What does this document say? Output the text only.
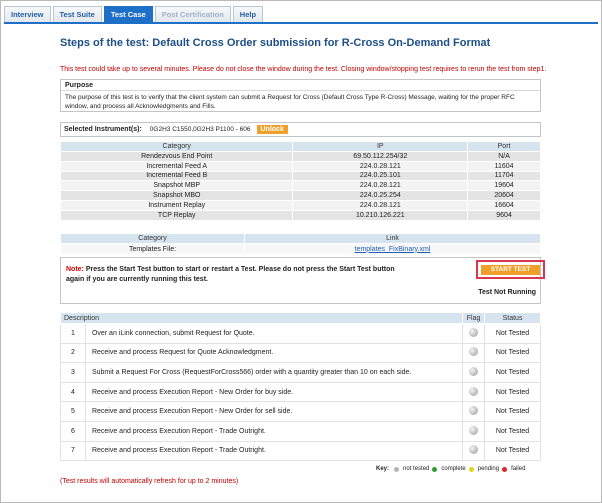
Interview	Test Suite	Test Case	Post Certification	Help
Steps of the test: Default Cross Order submission for R-Cross On-Demand Format
This test could take up to several minutes. Please do not close the window during the test. Closing window/stopping test requires to rerun the test from step1.
Purpose
The purpose of this test is to verify that the client system can submit a Request for Cross (Default Cross Type R-Cross) Message, waiting for the proper RFC window, and process all Acknowledgments and Fills.
Selected Instrument(s): 0G2H3 C1550,0G2H3 P1100 - 606	Unlock
Category	IP	Port
Rendezvous End Point	69.50.112.254/32	N/A
Incremental Feed A	224.0.28.121	11604
Incremental Feed B	224.0.25.101	11704
Snapshot MBP	224.0.28.121	19604
Snapshot MBO	224.0.25.254	20604
Instrument Replay	224.0.28.121	16604
TCP Replay	10.210.126.221	9604
Category	Link
Templates File:	templates_FixBinary.xml
Note: Press the Start Test button to start or restart a Test. Please do not press the Start Test button again if you are currently running this test.
START TEST
Test Not Running
Description		Flag	Status
1	Over an iLink connection, submit Request for Quote.		Not Tested
2	Receive and process Request for Quote Acknowledgment.		Not Tested
3	Submit a Request For Cross (RequestForCross566) order with a quantity greater than 10 on each side.		Not Tested
4	Receive and process Execution Report - New Order for buy side.		Not Tested
5	Receive and process Execution Report - New Order for sell side.		Not Tested
6	Receive and process Execution Report - Trade Outright.		Not Tested
7	Receive and process Execution Report - Trade Outright.		Not Tested
Key: not tested complete pending failed
(Test results will automatically refresh for up to 2 minutes)
